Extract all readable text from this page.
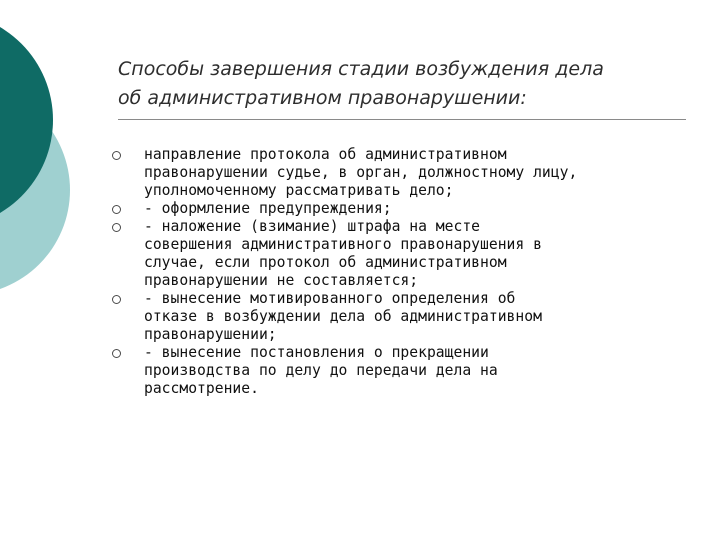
Способы завершения стадии возбуждения дела
об административном правонарушении:
направление протокола об административном
правонарушении судье, в орган, должностному лицу,
уполномоченному рассматривать дело;
- оформление предупреждения;
- наложение (взимание) штрафа на месте
совершения административного правонарушения в
случае, если протокол об административном
правонарушении не составляется;
- вынесение мотивированного определения об
отказе в возбуждении дела об административном
правонарушении;
- вынесение постановления о прекращении
производства по делу до передачи дела на
рассмотрение.
